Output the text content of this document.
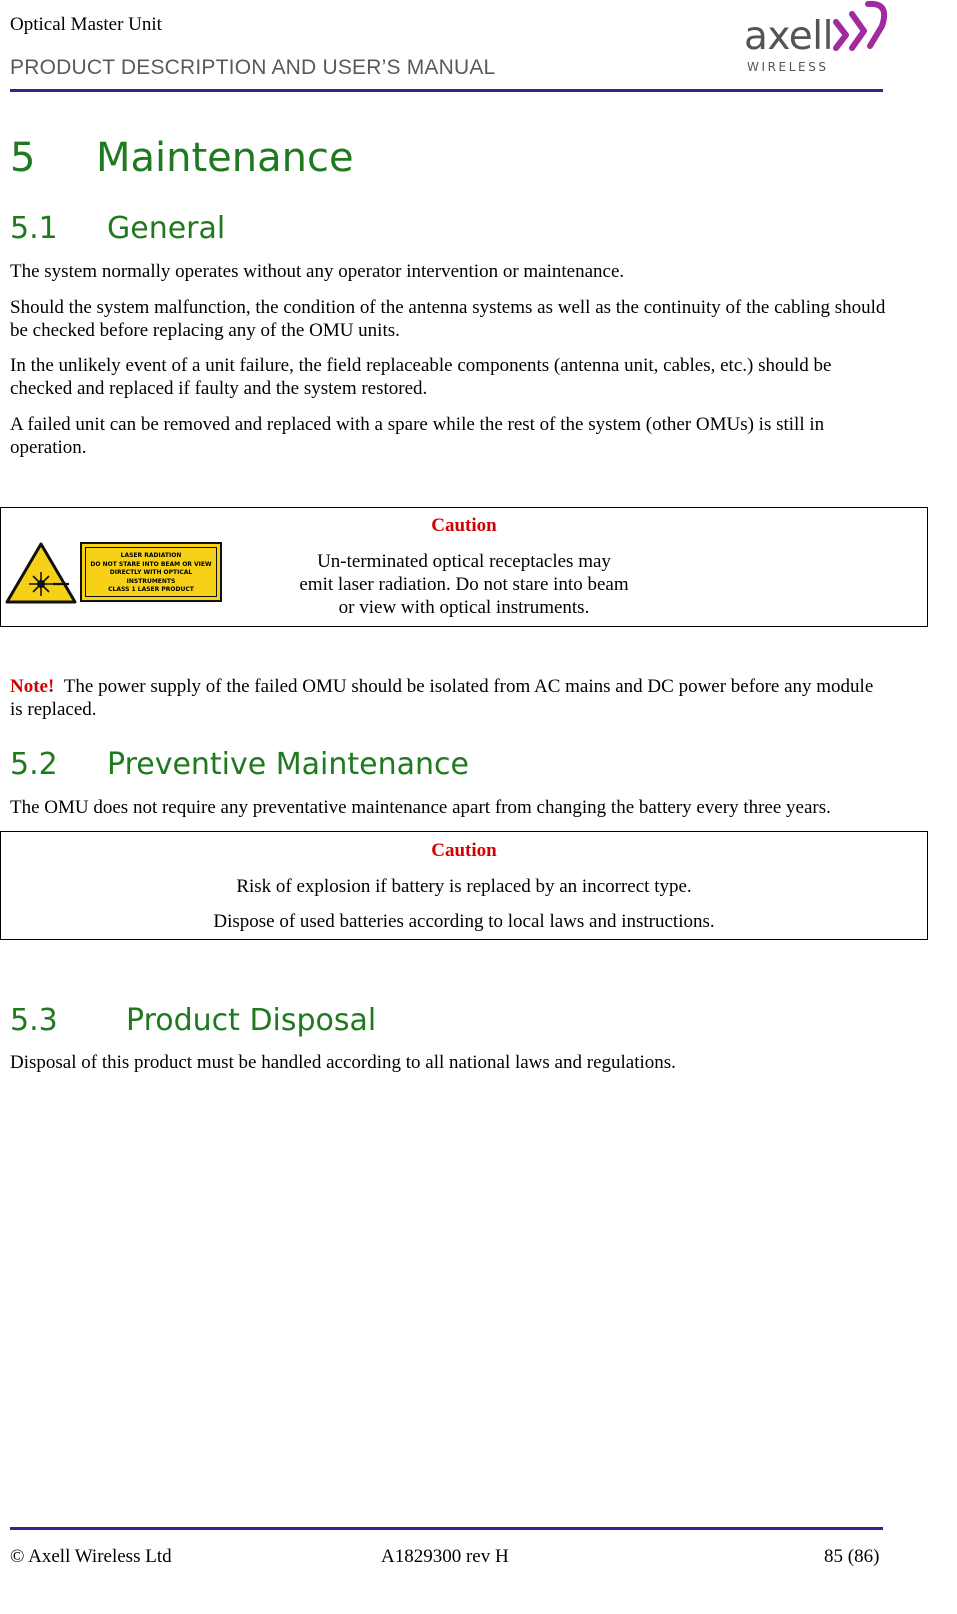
Optical Master Unit
PRODUCT DESCRIPTION AND USER’S MANUAL
axell
WIRELESS
5 Maintenance
5.1 General

The system normally operates without any operator intervention or maintenance.

Should the system malfunction, the condition of the antenna systems as well as the continuity of the cabling should be checked before replacing any of the OMU units.

In the unlikely event of a unit failure, the field replaceable components (antenna unit, cables, etc.) should be checked and replaced if faulty and the system restored.

A failed unit can be removed and replaced with a spare while the rest of the system (other OMUs) is still in operation.

Caution
Un-terminated optical receptacles may
emit laser radiation. Do not stare into beam
or view with optical instruments.
LASER RADIATION
DO NOT STARE INTO BEAM OR VIEW
DIRECTLY WITH OPTICAL
INSTRUMENTS
CLASS 1 LASER PRODUCT

Note! The power supply of the failed OMU should be isolated from AC mains and DC power before any module is replaced.

5.2 Preventive Maintenance

The OMU does not require any preventative maintenance apart from changing the battery every three years.

Caution
Risk of explosion if battery is replaced by an incorrect type.
Dispose of used batteries according to local laws and instructions.
5.3 Product Disposal

Disposal of this product must be handled according to all national laws and regulations.

© Axell Wireless Ltd	A1829300 rev H	85 (86)
